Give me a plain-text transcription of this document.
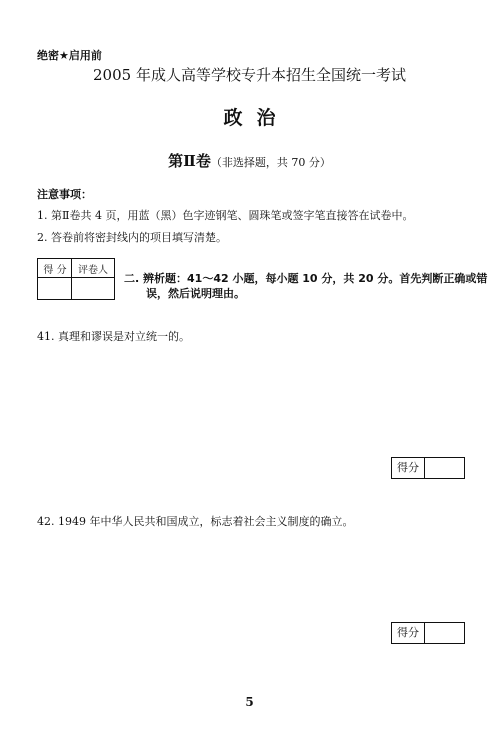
绝密★启用前
2005 年成人高等学校专升本招生全国统一考试
政治
第Ⅱ卷（非选择题，共 70 分）
注意事项：
1. 第Ⅱ卷共 4 页，用蓝（黑）色字迹钢笔、圆珠笔或签字笔直接答在试卷中。
2. 答卷前将密封线内的项目填写清楚。
得 分	评卷人
二. 辨析题：41～42 小题，每小题 10 分，共 20 分。首先判断正确或错
误，然后说明理由。
41. 真理和谬误是对立统一的。
得分
42. 1949 年中华人民共和国成立，标志着社会主义制度的确立。
得分
5
